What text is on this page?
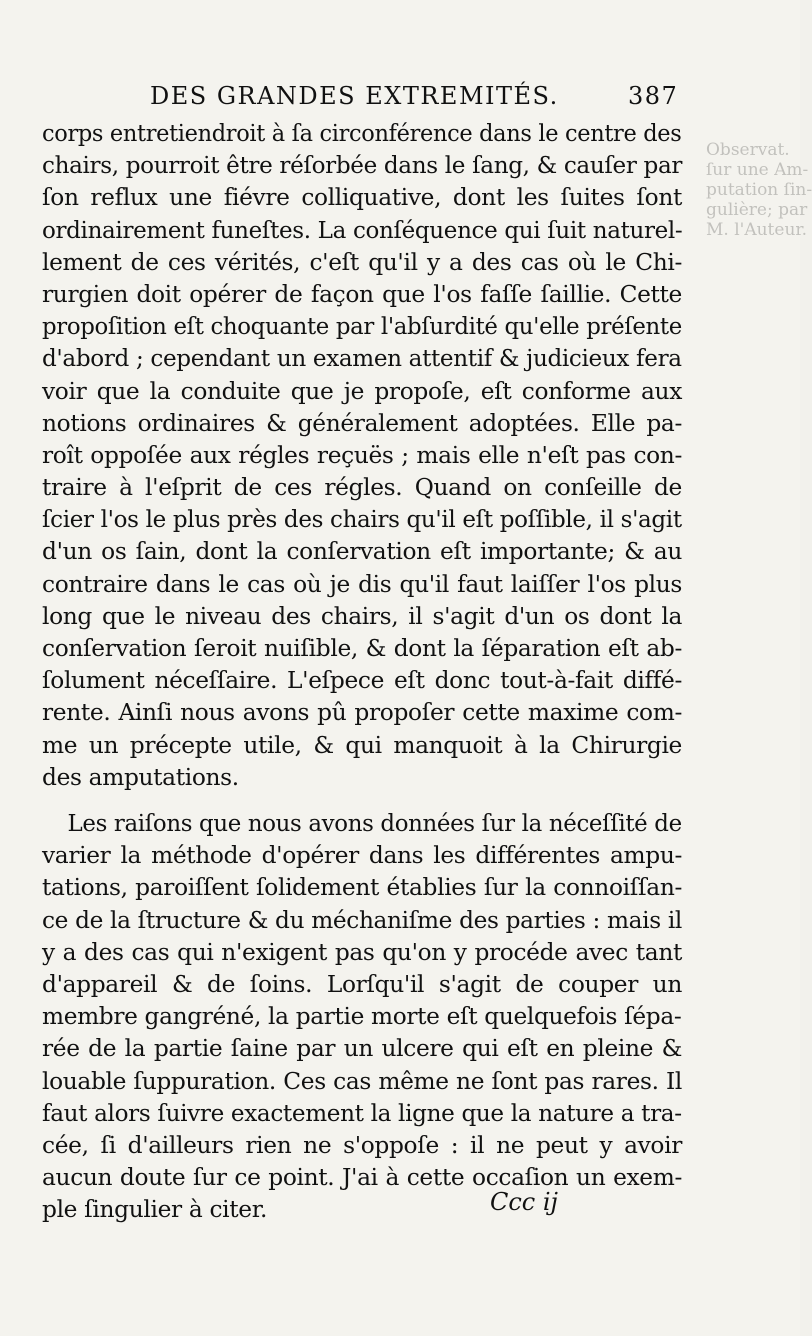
Observat.
ſur une Am-
putation ſin-
gulière; par
M. l'Auteur.
DES GRANDES EXTREMITÉS.	387
corps entretiendroit à ſa circonférence dans le centre des
chairs, pourroit être réſorbée dans le ſang, & cauſer par
ſon reflux une fiévre colliquative, dont les ſuites ſont
ordinairement funeſtes. La conſéquence qui ſuit naturel-
lement de ces vérités, c'eſt qu'il y a des cas où le Chi-
rurgien doit opérer de façon que l'os faſſe ſaillie. Cette
propoſition eſt choquante par l'abſurdité qu'elle préſente
d'abord ; cependant un examen attentif & judicieux fera
voir que la conduite que je propoſe, eſt conforme aux
notions ordinaires & généralement adoptées. Elle pa-
roît oppoſée aux régles reçuës ; mais elle n'eſt pas con-
traire à l'eſprit de ces régles. Quand on conſeille de
ſcier l'os le plus près des chairs qu'il eſt poſſible, il s'agit
d'un os ſain, dont la conſervation eſt importante; & au
contraire dans le cas où je dis qu'il faut laiſſer l'os plus
long que le niveau des chairs, il s'agit d'un os dont la
conſervation ſeroit nuiſible, & dont la ſéparation eſt ab-
ſolument néceſſaire. L'eſpece eſt donc tout-à-fait diffé-
rente. Ainſi nous avons pû propoſer cette maxime com-
me un précepte utile, & qui manquoit à la Chirurgie
des amputations.
Les raiſons que nous avons données ſur la néceſſité de
varier la méthode d'opérer dans les différentes ampu-
tations, paroiſſent ſolidement établies ſur la connoiſſan-
ce de la ſtructure & du méchaniſme des parties : mais il
y a des cas qui n'exigent pas qu'on y procéde avec tant
d'appareil & de ſoins. Lorſqu'il s'agit de couper un
membre gangréné, la partie morte eſt quelquefois ſépa-
rée de la partie ſaine par un ulcere qui eſt en pleine &
louable ſuppuration. Ces cas même ne ſont pas rares. Il
faut alors ſuivre exactement la ligne que la nature a tra-
cée, ſi d'ailleurs rien ne s'oppoſe : il ne peut y avoir
aucun doute ſur ce point. J'ai à cette occaſion un exem-
ple ſingulier à citer.	Ccc ij
